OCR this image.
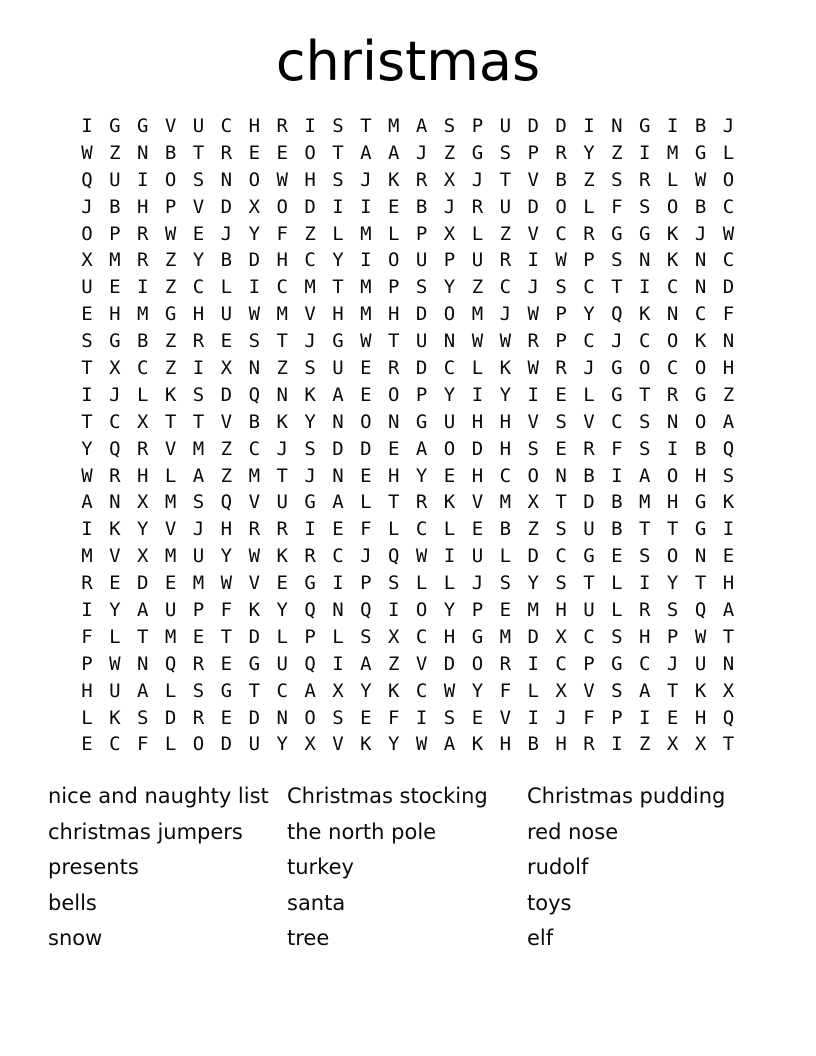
christmas
I G G V U C H R I S T M A S P U D D I N G I B J
W Z N B T R E E O T A A J Z G S P R Y Z I M G L
Q U I O S N O W H S J K R X J T V B Z S R L W O
J B H P V D X O D I I E B J R U D O L F S O B C
O P R W E J Y F Z L M L P X L Z V C R G G K J W
X M R Z Y B D H C Y I O U P U R I W P S N K N C
U E I Z C L I C M T M P S Y Z C J S C T I C N D
E H M G H U W M V H M H D O M J W P Y Q K N C F
S G B Z R E S T J G W T U N W W R P C J C O K N
T X C Z I X N Z S U E R D C L K W R J G O C O H
I J L K S D Q N K A E O P Y I Y I E L G T R G Z
T C X T T V B K Y N O N G U H H V S V C S N O A
Y Q R V M Z C J S D D E A O D H S E R F S I B Q
W R H L A Z M T J N E H Y E H C O N B I A O H S
A N X M S Q V U G A L T R K V M X T D B M H G K
I K Y V J H R R I E F L C L E B Z S U B T T G I
M V X M U Y W K R C J Q W I U L D C G E S O N E
R E D E M W V E G I P S L L J S Y S T L I Y T H
I Y A U P F K Y Q N Q I O Y P E M H U L R S Q A
F L T M E T D L P L S X C H G M D X C S H P W T
P W N Q R E G U Q I A Z V D O R I C P G C J U N
H U A L S G T C A X Y K C W Y F L X V S A T K X
L K S D R E D N O S E F I S E V I J F P I E H Q
E C F L O D U Y X V K Y W A K H B H R I Z X X T
nice and naughty list
christmas jumpers
presents
bells
snow
Christmas stocking
the north pole
turkey
santa
tree
Christmas pudding
red nose
rudolf
toys
elf
